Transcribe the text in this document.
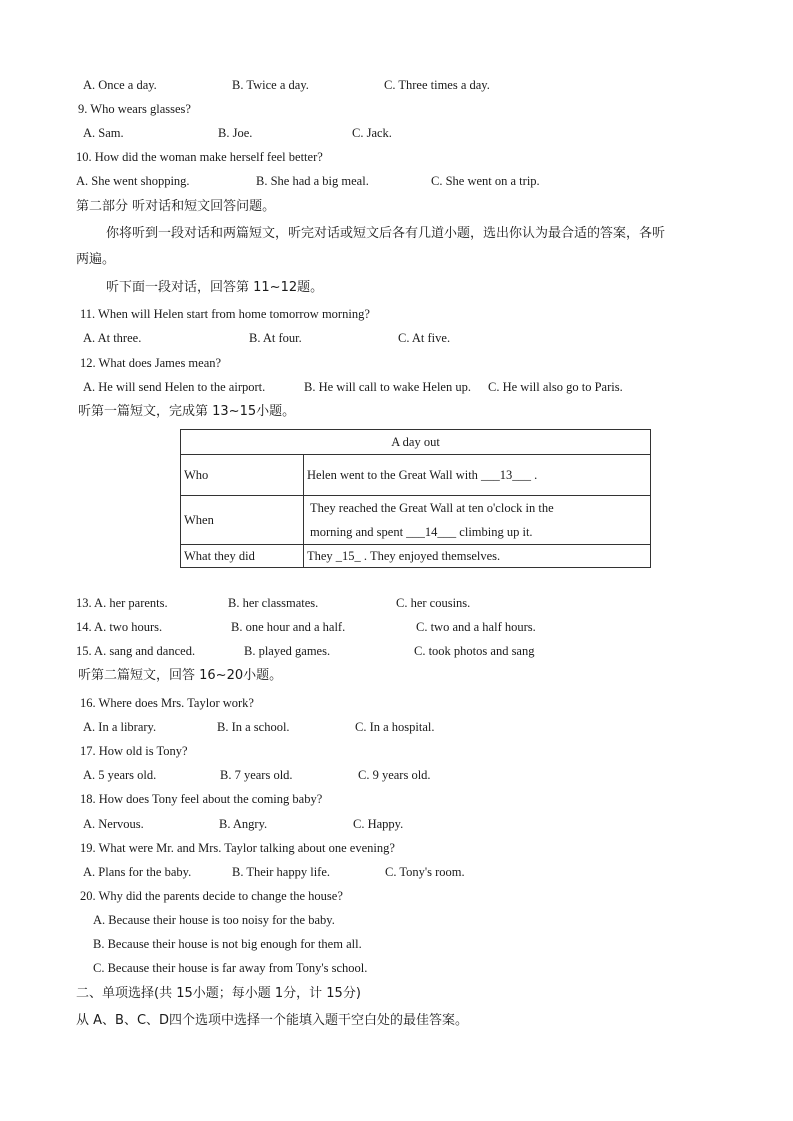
A. Once a day.	B. Twice a day.	C. Three times a day.
9. Who wears glasses?
A. Sam.	B. Joe.	C. Jack.
10. How did the woman make herself feel better?
A. She went shopping.	B. She had a big meal.	C. She went on a trip.
第二部分 听对话和短文回答问题。
你将听到一段对话和两篇短文，听完对话或短文后各有几道小题，选出你认为最合适的答案，各听
两遍。
听下面一段对话，回答第 11~12题。
11. When will Helen start from home tomorrow morning?
A. At three.	B. At four.	C. At five.
12. What does James mean?
A. He will send Helen to the airport.	B. He will call to wake Helen up. C. He will also go to Paris.
听第一篇短文，完成第 13~15小题。
A day out	
Who	Helen went to the Great Wall with ___13___ .
When	They reached the Great Wall at ten o'clock in the
morning and spent ___14___ climbing up it.

What they did	They _15_ . They enjoyed themselves.
13. A. her parents.	B. her classmates.	C. her cousins.
14. A. two hours.	B. one hour and a half.	C. two and a half hours.
15. A. sang and danced.	B. played games.	C. took photos and sang
听第二篇短文，回答 16~20小题。
16. Where does Mrs. Taylor work?
A. In a library.	B. In a school.	C. In a hospital.
17. How old is Tony?
A. 5 years old.	B. 7 years old.	C. 9 years old.
18. How does Tony feel about the coming baby?
A. Nervous.	B. Angry.	C. Happy.
19. What were Mr. and Mrs. Taylor talking about one evening?
A. Plans for the baby.	B. Their happy life.	C. Tony's room.
20. Why did the parents decide to change the house?
A. Because their house is too noisy for the baby.
B. Because their house is not big enough for them all.
C. Because their house is far away from Tony's school.
二、单项选择(共 15小题；每小题 1分，计 15分)
从 A、B、C、D四个选项中选择一个能填入题干空白处的最佳答案。
